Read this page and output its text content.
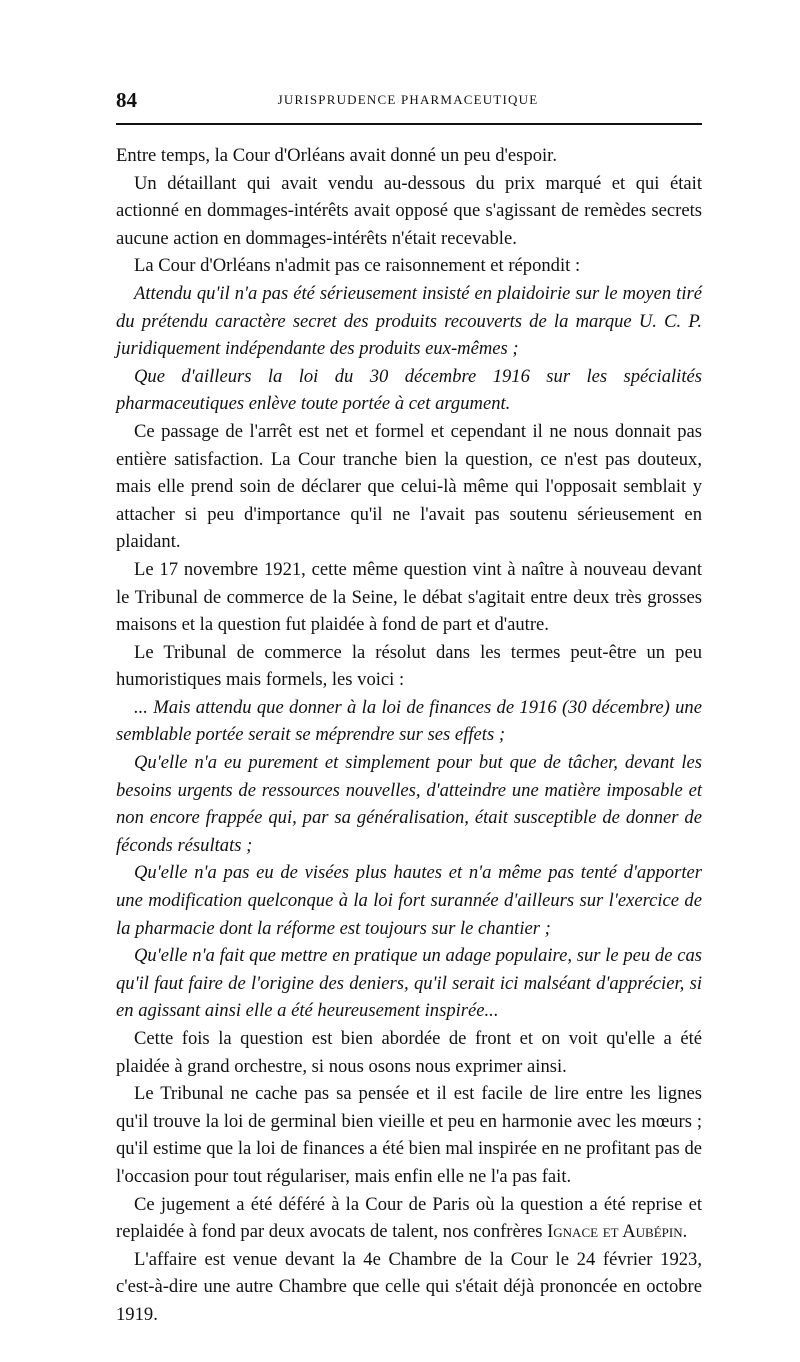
84	JURISPRUDENCE PHARMACEUTIQUE

Entre temps, la Cour d'Orléans avait donné un peu d'espoir.

Un détaillant qui avait vendu au-dessous du prix marqué et qui était actionné en dommages-intérêts avait opposé que s'agissant de remèdes secrets aucune action en dommages-intérêts n'était recevable.

La Cour d'Orléans n'admit pas ce raisonnement et répondit :

Attendu qu'il n'a pas été sérieusement insisté en plaidoirie sur le moyen tiré du prétendu caractère secret des produits recouverts de la marque U. C. P. juridiquement indépendante des produits eux-mêmes ;

Que d'ailleurs la loi du 30 décembre 1916 sur les spécialités pharmaceutiques enlève toute portée à cet argument.

Ce passage de l'arrêt est net et formel et cependant il ne nous donnait pas entière satisfaction. La Cour tranche bien la question, ce n'est pas douteux, mais elle prend soin de déclarer que celui-là même qui l'opposait semblait y attacher si peu d'importance qu'il ne l'avait pas soutenu sérieusement en plaidant.

Le 17 novembre 1921, cette même question vint à naître à nouveau devant le Tribunal de commerce de la Seine, le débat s'agitait entre deux très grosses maisons et la question fut plaidée à fond de part et d'autre.

Le Tribunal de commerce la résolut dans les termes peut-être un peu humoristiques mais formels, les voici :

... Mais attendu que donner à la loi de finances de 1916 (30 décembre) une semblable portée serait se méprendre sur ses effets ;

Qu'elle n'a eu purement et simplement pour but que de tâcher, devant les besoins urgents de ressources nouvelles, d'atteindre une matière imposable et non encore frappée qui, par sa généralisation, était susceptible de donner de féconds résultats ;

Qu'elle n'a pas eu de visées plus hautes et n'a même pas tenté d'apporter une modification quelconque à la loi fort surannée d'ailleurs sur l'exercice de la pharmacie dont la réforme est toujours sur le chantier ;

Qu'elle n'a fait que mettre en pratique un adage populaire, sur le peu de cas qu'il faut faire de l'origine des deniers, qu'il serait ici malséant d'apprécier, si en agissant ainsi elle a été heureusement inspirée...

Cette fois la question est bien abordée de front et on voit qu'elle a été plaidée à grand orchestre, si nous osons nous exprimer ainsi.

Le Tribunal ne cache pas sa pensée et il est facile de lire entre les lignes qu'il trouve la loi de germinal bien vieille et peu en harmonie avec les mœurs ; qu'il estime que la loi de finances a été bien mal inspirée en ne profitant pas de l'occasion pour tout régulariser, mais enfin elle ne l'a pas fait.

Ce jugement a été déféré à la Cour de Paris où la question a été reprise et replaidée à fond par deux avocats de talent, nos confrères Ignace et Aubépin.

L'affaire est venue devant la 4e Chambre de la Cour le 24 février 1923, c'est-à-dire une autre Chambre que celle qui s'était déjà prononcée en octobre 1919.
